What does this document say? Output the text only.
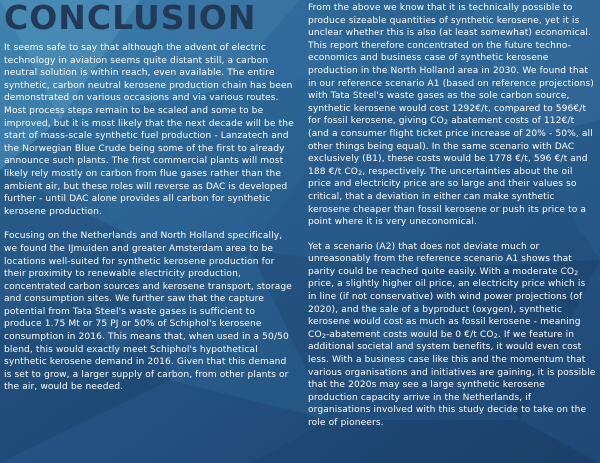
CONCLUSION

It seems safe to say that although the advent of electric technology in aviation seems quite distant still, a carbon neutral solution is within reach, even available. The entire synthetic, carbon neutral kerosene production chain has been demonstrated on various occasions and via various routes. Most process steps remain to be scaled and some to be improved, but it is most likely that the next decade will be the start of mass-scale synthetic fuel production - Lanzatech and the Norwegian Blue Crude being some of the first to already announce such plants. The first commercial plants will most likely rely mostly on carbon from flue gases rather than the ambient air, but these roles will reverse as DAC is developed further - until DAC alone provides all carbon for synthetic kerosene production.

Focusing on the Netherlands and North Holland specifically, we found the IJmuiden and greater Amsterdam area to be locations well-suited for synthetic kerosene production for their proximity to renewable electricity production, concentrated carbon sources and kerosene transport, storage and consumption sites. We further saw that the capture potential from Tata Steel's waste gases is sufficient to produce 1.75 Mt or 75 PJ or 50% of Schiphol's kerosene consumption in 2016. This means that, when used in a 50/50 blend, this would exactly meet Schiphol's hypothetical synthetic kerosene demand in 2016. Given that this demand is set to grow, a larger supply of carbon, from other plants or the air, would be needed.

From the above we know that it is technically possible to produce sizeable quantities of synthetic kerosene, yet it is unclear whether this is also (at least somewhat) economical. This report therefore concentrated on the future techno-economics and business case of synthetic kerosene production in the North Holland area in 2030. We found that in our reference scenario A1 (based on reference projections) with Tata Steel's waste gases as the sole carbon source, synthetic kerosene would cost 1292€/t, compared to 596€/t for fossil kerosene, giving $CO_2$ abatement costs of 112€/t (and a consumer flight ticket price increase of 20% - 50%, all other things being equal). In the same scenario with DAC exclusively (B1), these costs would be 1778 €/t, 596 €/t and 188 €/t $CO_2$, respectively. The uncertainties about the oil price and electricity price are so large and their values so critical, that a deviation in either can make synthetic kerosene cheaper than fossil kerosene or push its price to a point where it is very uneconomical.

Yet a scenario (A2) that does not deviate much or unreasonably from the reference scenario A1 shows that parity could be reached quite easily. With a moderate $CO_2$ price, a slightly higher oil price, an electricity price which is in line (if not conservative) with wind power projections (of 2020), and the sale of a byproduct (oxygen), synthetic kerosene would cost as much as fossil kerosene - meaning $CO_2$-abatement costs would be 0 €/t $CO_2$. If we feature in additional societal and system benefits, it would even cost less. With a business case like this and the momentum that various organisations and initiatives are gaining, it is possible that the 2020s may see a large synthetic kerosene production capacity arrive in the Netherlands, if organisations involved with this study decide to take on the role of pioneers.
